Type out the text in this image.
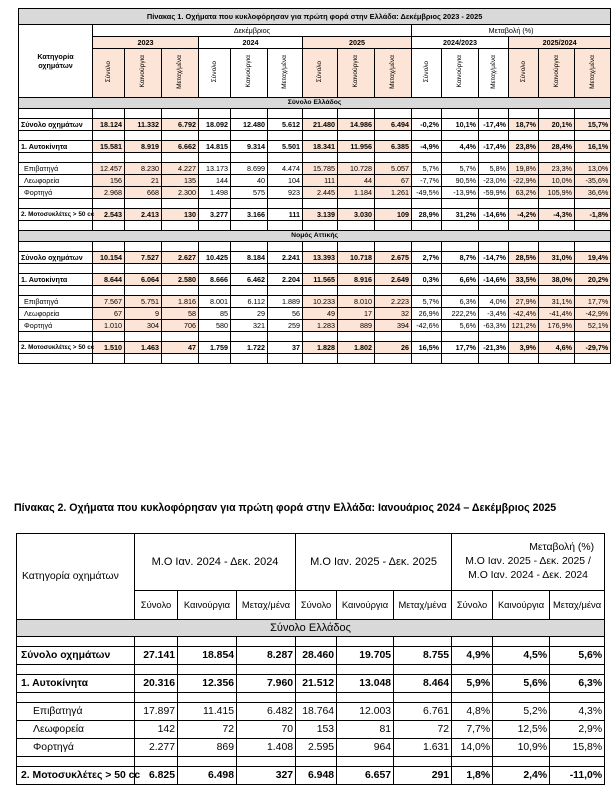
Πίνακας 1. Οχήματα που κυκλοφόρησαν για πρώτη φορά στην Ελλάδα: Δεκέμβριος 2023 - 2025															
Κατηγορία οχημάτων	Δεκέμβριος									Μεταβολή (%)					
	2023			2024			2025			2024/2023			2025/2024		
	Σύνολο	Καινούργια	Μεταχ/μένα	Σύνολο	Καινούργια	Μεταχ/μένα	Σύνολο	Καινούργια	Μεταχ/μένα	Σύνολο	Καινούργια	Μεταχ/μένα	Σύνολο	Καινούργια	Μεταχ/μένα
Σύνολο Ελλάδος															

Σύνολο οχημάτων	18.124	11.332	6.792	18.092	12.480	5.612	21.480	14.986	6.494	-0,2%	10,1%	-17,4%	18,7%	20,1%	15,7%

1. Αυτοκίνητα	15.581	8.919	6.662	14.815	9.314	5.501	18.341	11.956	6.385	-4,9%	4,4%	-17,4%	23,8%	28,4%	16,1%

Επιβατηγά	12.457	8.230	4.227	13.173	8.699	4.474	15.785	10.728	5.057	5,7%	5,7%	5,8%	19,8%	23,3%	13,0%
Λεωφορεία	156	21	135	144	40	104	111	44	67	-7,7%	90,5%	-23,0%	-22,9%	10,0%	-35,6%
Φορτηγά	2.968	668	2.300	1.498	575	923	2.445	1.184	1.261	-49,5%	-13,9%	-59,9%	63,2%	105,9%	36,6%

2. Μοτοσυκλέτες > 50 cc	2.543	2.413	130	3.277	3.166	111	3.139	3.030	109	28,9%	31,2%	-14,6%	-4,2%	-4,3%	-1,8%

Νομός Αττικής															

Σύνολο οχημάτων	10.154	7.527	2.627	10.425	8.184	2.241	13.393	10.718	2.675	2,7%	8,7%	-14,7%	28,5%	31,0%	19,4%

1. Αυτοκίνητα	8.644	6.064	2.580	8.666	6.462	2.204	11.565	8.916	2.649	0,3%	6,6%	-14,6%	33,5%	38,0%	20,2%

Επιβατηγά	7.567	5.751	1.816	8.001	6.112	1.889	10.233	8.010	2.223	5,7%	6,3%	4,0%	27,9%	31,1%	17,7%
Λεωφορεία	67	9	58	85	29	56	49	17	32	26,9%	222,2%	-3,4%	-42,4%	-41,4%	-42,9%
Φορτηγά	1.010	304	706	580	321	259	1.283	889	394	-42,6%	5,6%	-63,3%	121,2%	176,9%	52,1%

2. Μοτοσυκλέτες > 50 cc	1.510	1.463	47	1.759	1.722	37	1.828	1.802	26	16,5%	17,7%	-21,3%	3,9%	4,6%	-29,7%

Πίνακας 2. Οχήματα που κυκλοφόρησαν για πρώτη φορά στην Ελλάδα: Ιανουάριος 2024 – Δεκέμβριος 2025

Κατηγορία οχημάτων	Μ.Ο Ιαν. 2024 - Δεκ. 2024			Μ.Ο Ιαν. 2025 - Δεκ. 2025			Μεταβολή (%)
Μ.Ο Ιαν. 2025 - Δεκ. 2025 /
Μ.Ο Ιαν. 2024 - Δεκ. 2024		

	Σύνολο	Καινούργια	Μεταχ/μένα	Σύνολο	Καινούργια	Μεταχ/μένα	Σύνολο	Καινούργια	Μεταχ/μένα
Σύνολο Ελλάδος									

Σύνολο οχημάτων	27.141	18.854	8.287	28.460	19.705	8.755	4,9%	4,5%	5,6%

1. Αυτοκίνητα	20.316	12.356	7.960	21.512	13.048	8.464	5,9%	5,6%	6,3%

Επιβατηγά	17.897	11.415	6.482	18.764	12.003	6.761	4,8%	5,2%	4,3%
Λεωφορεία	142	72	70	153	81	72	7,7%	12,5%	2,9%
Φορτηγά	2.277	869	1.408	2.595	964	1.631	14,0%	10,9%	15,8%

2. Μοτοσυκλέτες > 50 cc	6.825	6.498	327	6.948	6.657	291	1,8%	2,4%	-11,0%
